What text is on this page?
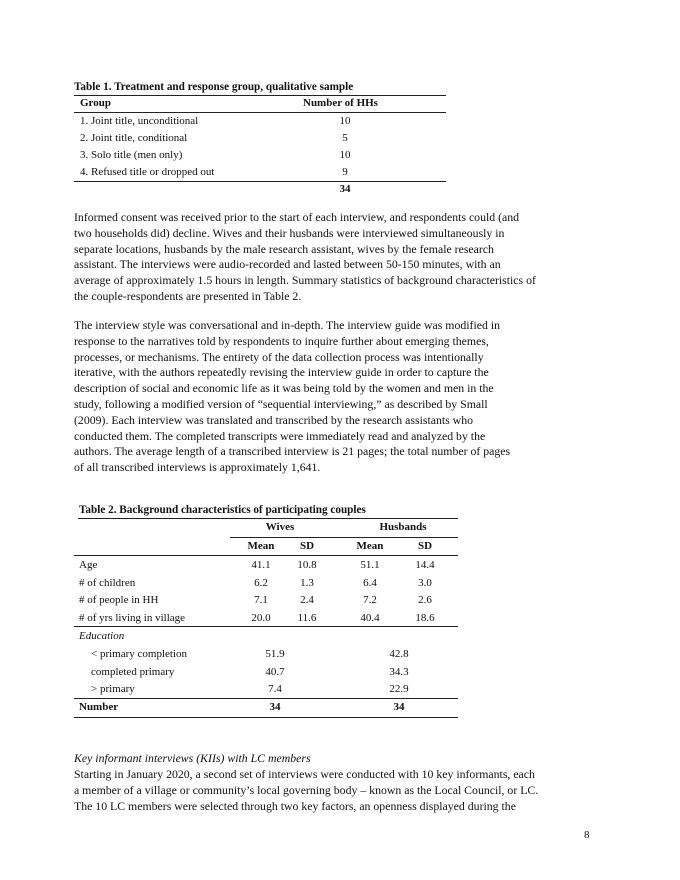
Table 1. Treatment and response group, qualitative sample
Group	Number of HHs
1. Joint title, unconditional	10
2. Joint title, conditional	5
3. Solo title (men only)	10
4. Refused title or dropped out	9
34

Informed consent was received prior to the start of each interview, and respondents could (and
two households did) decline. Wives and their husbands were interviewed simultaneously in
separate locations, husbands by the male research assistant, wives by the female research
assistant. The interviews were audio-recorded and lasted between 50-150 minutes, with an
average of approximately 1.5 hours in length. Summary statistics of background characteristics of
the couple-respondents are presented in Table 2.

The interview style was conversational and in-depth. The interview guide was modified in
response to the narratives told by respondents to inquire further about emerging themes,
processes, or mechanisms. The entirety of the data collection process was intentionally
iterative, with the authors repeatedly revising the interview guide in order to capture the
description of social and economic life as it was being told by the women and men in the
study, following a modified version of “sequential interviewing,” as described by Small
(2009). Each interview was translated and transcribed by the research assistants who
conducted them. The completed transcripts were immediately read and analyzed by the
authors. The average length of a transcribed interview is 21 pages; the total number of pages
of all transcribed interviews is approximately 1,641.

Table 2. Background characteristics of participating couples
Wives	Husbands
Mean	SD	Mean	SD
Age	41.1	10.8	51.1	14.4
# of children	6.2	1.3	6.4	3.0
# of people in HH	7.1	2.4	7.2	2.6
# of yrs living in village	20.0	11.6	40.4	18.6
Education
< primary completion	51.9	42.8
completed primary	40.7	34.3
> primary	7.4	22.9
Number	34	34
Key informant interviews (KIIs) with LC members

Starting in January 2020, a second set of interviews were conducted with 10 key informants, each
a member of a village or community’s local governing body – known as the Local Council, or LC.
The 10 LC members were selected through two key factors, an openness displayed during the

8
